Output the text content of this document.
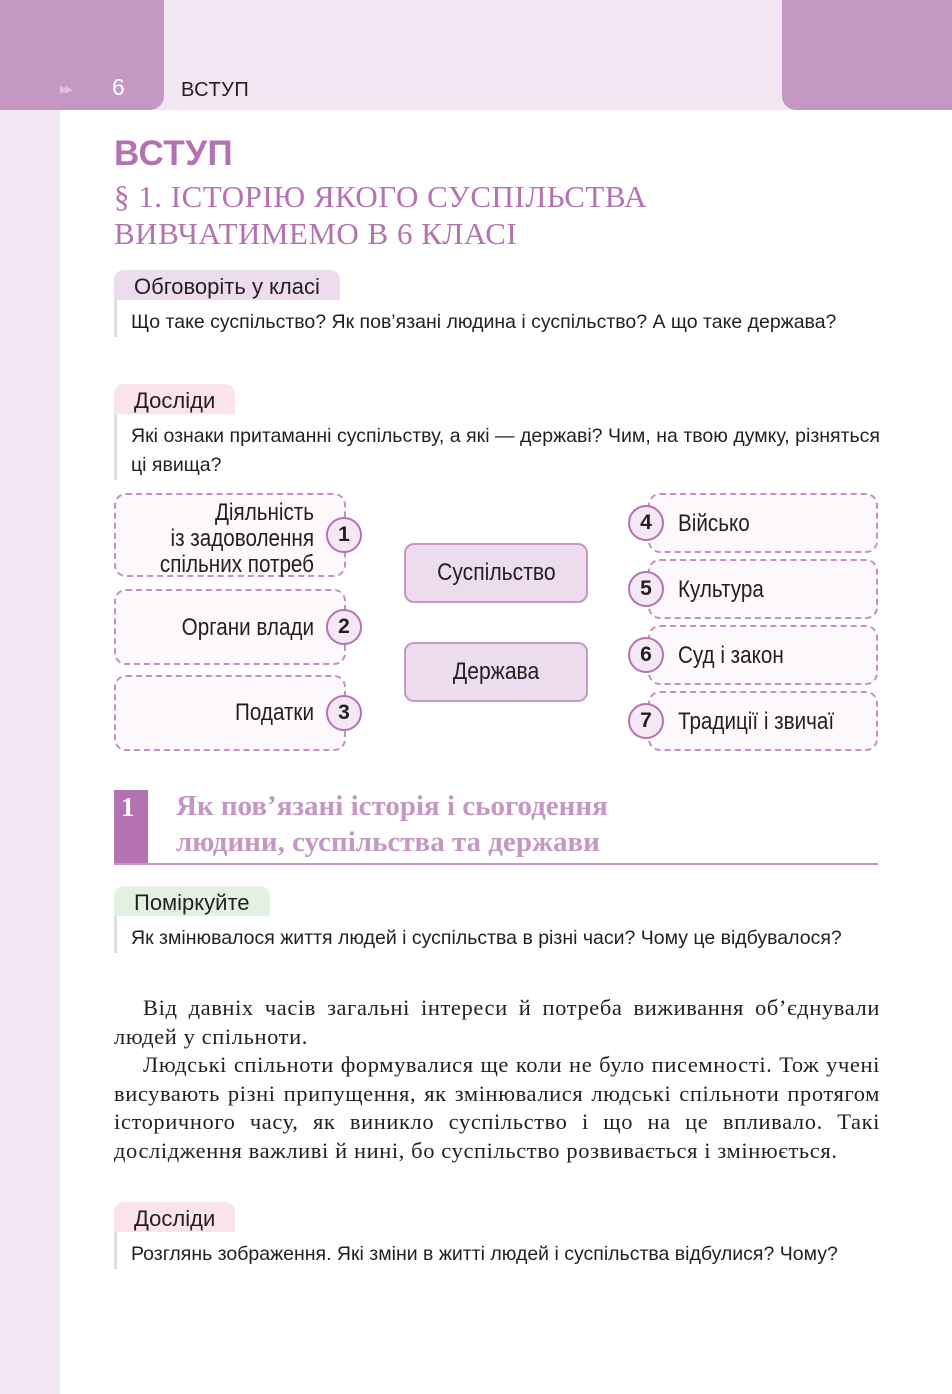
▸▸ 6	ВСТУП
ВСТУП
§ 1. ІСТОРІЮ ЯКОГО СУСПІЛЬСТВА
ВИВЧАТИМЕМО В 6 КЛАСІ
Обговоріть у класі
Що таке суспільство? Як пов’язані людина і суспільство? А що таке держава?
Досліди
Які ознаки притаманні суспільству, а які — державі? Чим, на твою думку, різняться ці явища?
Діяльність
із задоволення
спільних потреб
1
Органи влади	2
Податки	3
Суспільство
Держава
4	Військо
5	Культура
6	Суд і закон
7	Традиції і звичаї
1	Як пов’язані історія і сьогодення
людини, суспільства та держави
Поміркуйте
Як змінювалося життя людей і суспільства в різні часи? Чому це відбувалося?

Від давніх часів загальні інтереси й потреба виживання об’єднували людей у спільноти.

Людські спільноти формувалися ще коли не було писемності. Тож учені висувають різні припущення, як змінювалися людські спільноти протягом історичного часу, як виникло суспільство і що на це впливало. Такі дослідження важливі й нині, бо суспільство розвивається і змінюється.

Досліди
Розглянь зображення. Які зміни в житті людей і суспільства відбулися? Чому?
